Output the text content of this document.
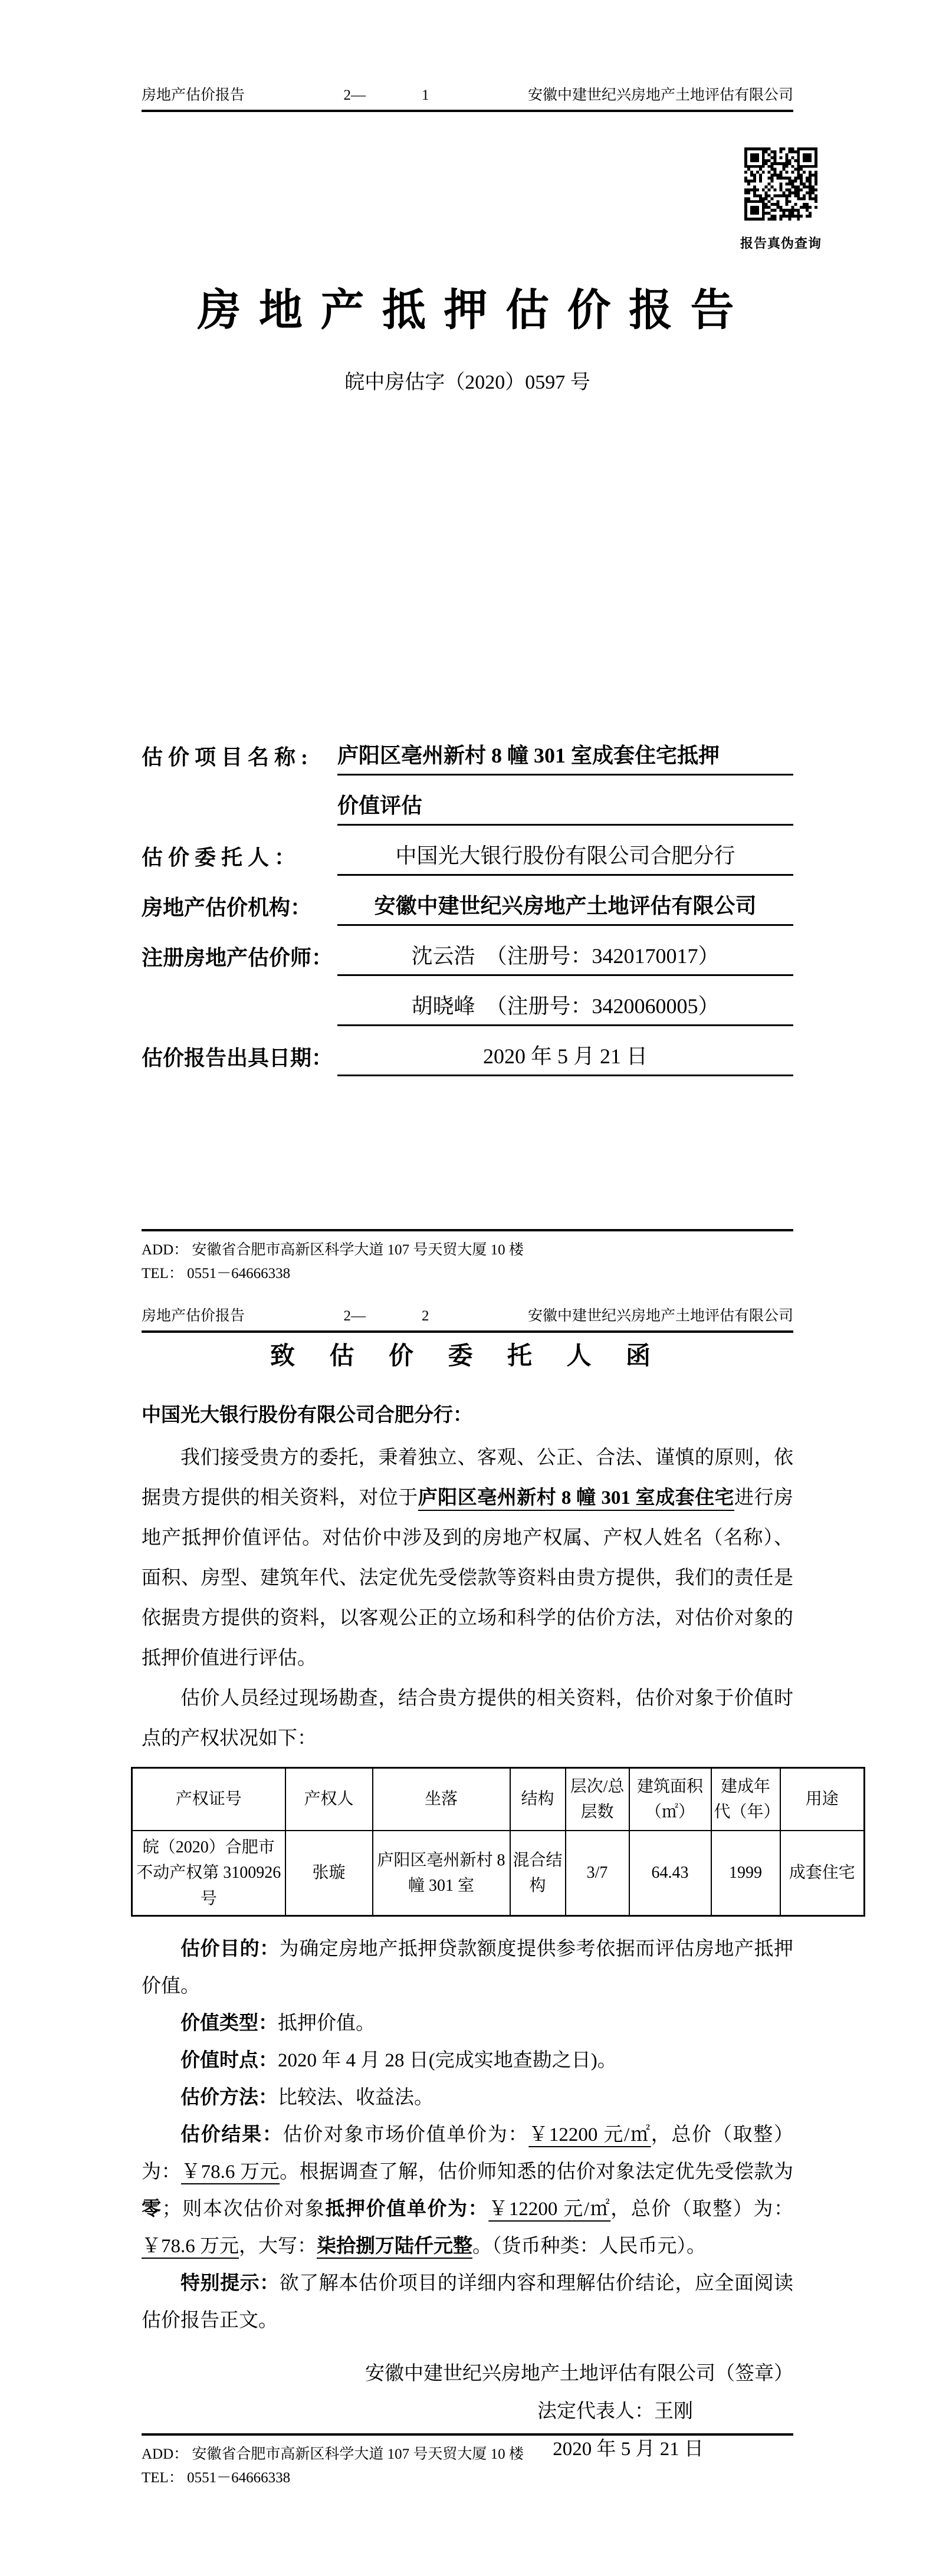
房地产估价报告	2—	1	安徽中建世纪兴房地产土地评估有限公司
房 地 产 抵 押 估 价 报 告
皖中房估字（2020）0597 号
估 价 项 目 名 称 :	庐阳区亳州新村 8 幢 301 室成套住宅抵押
价值评估
估 价 委 托 人 ：	中国光大银行股份有限公司合肥分行
房地产估价机构：	安徽中建世纪兴房地产土地评估有限公司
注册房地产估价师：	沈云浩　（注册号：3420170017）
胡晓峰　（注册号：3420060005）
估价报告出具日期：	2020 年 5 月 21 日
报告真伪查询
ADD： 安徽省合肥市高新区科学大道 107 号天贸大厦 10 楼
TEL： 0551－64666338
房地产估价报告	2—	2	安徽中建世纪兴房地产土地评估有限公司
致 估 价 委 托 人 函
中国光大银行股份有限公司合肥分行：

我们接受贵方的委托，秉着独立、客观、公正、合法、谨慎的原则，依据贵方提供的相关资料，对位于庐阳区亳州新村 8 幢 301 室成套住宅进行房地产抵押价值评估。对估价中涉及到的房地产权属、产权人姓名（名称）、面积、房型、建筑年代、法定优先受偿款等资料由贵方提供，我们的责任是依据贵方提供的资料，以客观公正的立场和科学的估价方法，对估价对象的抵押价值进行评估。

估价人员经过现场勘查，结合贵方提供的相关资料，估价对象于价值时点的产权状况如下：

产权证号	产权人	坐落	结构	层次/总层数	建筑面积（㎡）	建成年代（年）	用途
皖（2020）合肥市不动产权第 3100926 号	张璇	庐阳区亳州新村 8 幢 301 室	混合结构	3/7	64.43	1999	成套住宅

估价目的：为确定房地产抵押贷款额度提供参考依据而评估房地产抵押价值。

价值类型：抵押价值。

价值时点：2020 年 4 月 28 日(完成实地查勘之日)。

估价方法：比较法、收益法。

估价结果：估价对象市场价值单价为：￥12200 元/㎡，总价（取整）为：￥78.6 万元。根据调查了解，估价师知悉的估价对象法定优先受偿款为零；则本次估价对象抵押价值单价为：￥12200 元/㎡，总价（取整）为：￥78.6 万元，大写：柒拾捌万陆仟元整。（货币种类：人民币元）。

特别提示：欲了解本估价项目的详细内容和理解估价结论，应全面阅读估价报告正文。

安徽中建世纪兴房地产土地评估有限公司（签章）
法定代表人：王刚
2020 年 5 月 21 日
ADD： 安徽省合肥市高新区科学大道 107 号天贸大厦 10 楼
TEL： 0551－64666338
